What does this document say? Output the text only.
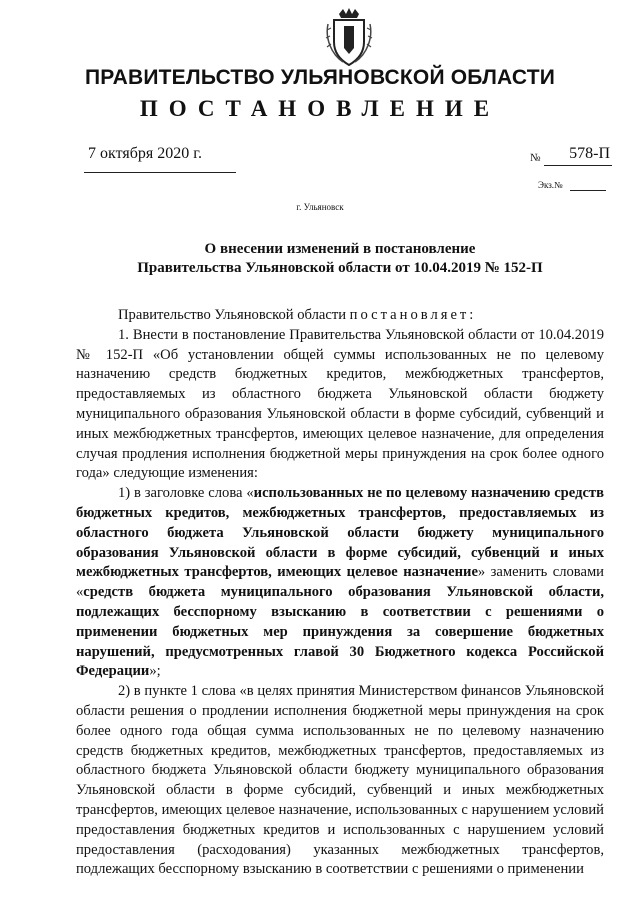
ПРАВИТЕЛЬСТВО УЛЬЯНОВСКОЙ ОБЛАСТИ
ПОСТАНОВЛЕНИЕ
7 октября 2020 г.	№	578-П
Экз.№
г. Ульяновск
О внесении изменений в постановление
Правительства Ульяновской области от 10.04.2019 № 152-П

Правительство Ульяновской области постановляет:

1. Внести в постановление Правительства Ульяновской области от 10.04.2019 № 152-П «Об установлении общей суммы использованных не по целевому назначению средств бюджетных кредитов, межбюджетных трансфертов, предоставляемых из областного бюджета Ульяновской области бюджету муниципального образования Ульяновской области в форме субсидий, субвенций и иных межбюджетных трансфертов, имеющих целевое назначение, для определения случая продления исполнения бюджетной меры принуждения на срок более одного года» следующие изменения:

1) в заголовке слова «использованных не по целевому назначению средств бюджетных кредитов, межбюджетных трансфертов, предоставляемых из областного бюджета Ульяновской области бюджету муниципального образования Ульяновской области в форме субсидий, субвенций и иных межбюджетных трансфертов, имеющих целевое назначение» заменить словами «средств бюджета муниципального образования Ульяновской области, подлежащих бесспорному взысканию в соответствии с решениями о применении бюджетных мер принуждения за совершение бюджетных нарушений, предусмотренных главой 30 Бюджетного кодекса Российской Федерации»;

2) в пункте 1 слова «в целях принятия Министерством финансов Ульяновской области решения о продлении исполнения бюджетной меры принуждения на срок более одного года общая сумма использованных не по целевому назначению средств бюджетных кредитов, межбюджетных трансфертов, предоставляемых из областного бюджета Ульяновской области бюджету муниципального образования Ульяновской области в форме субсидий, субвенций и иных межбюджетных трансфертов, имеющих целевое назначение, использованных с нарушением условий предоставления бюджетных кредитов и использованных с нарушением условий предоставления (расходования) указанных межбюджетных трансфертов, подлежащих бесспорному взысканию в соответствии с решениями о применении
